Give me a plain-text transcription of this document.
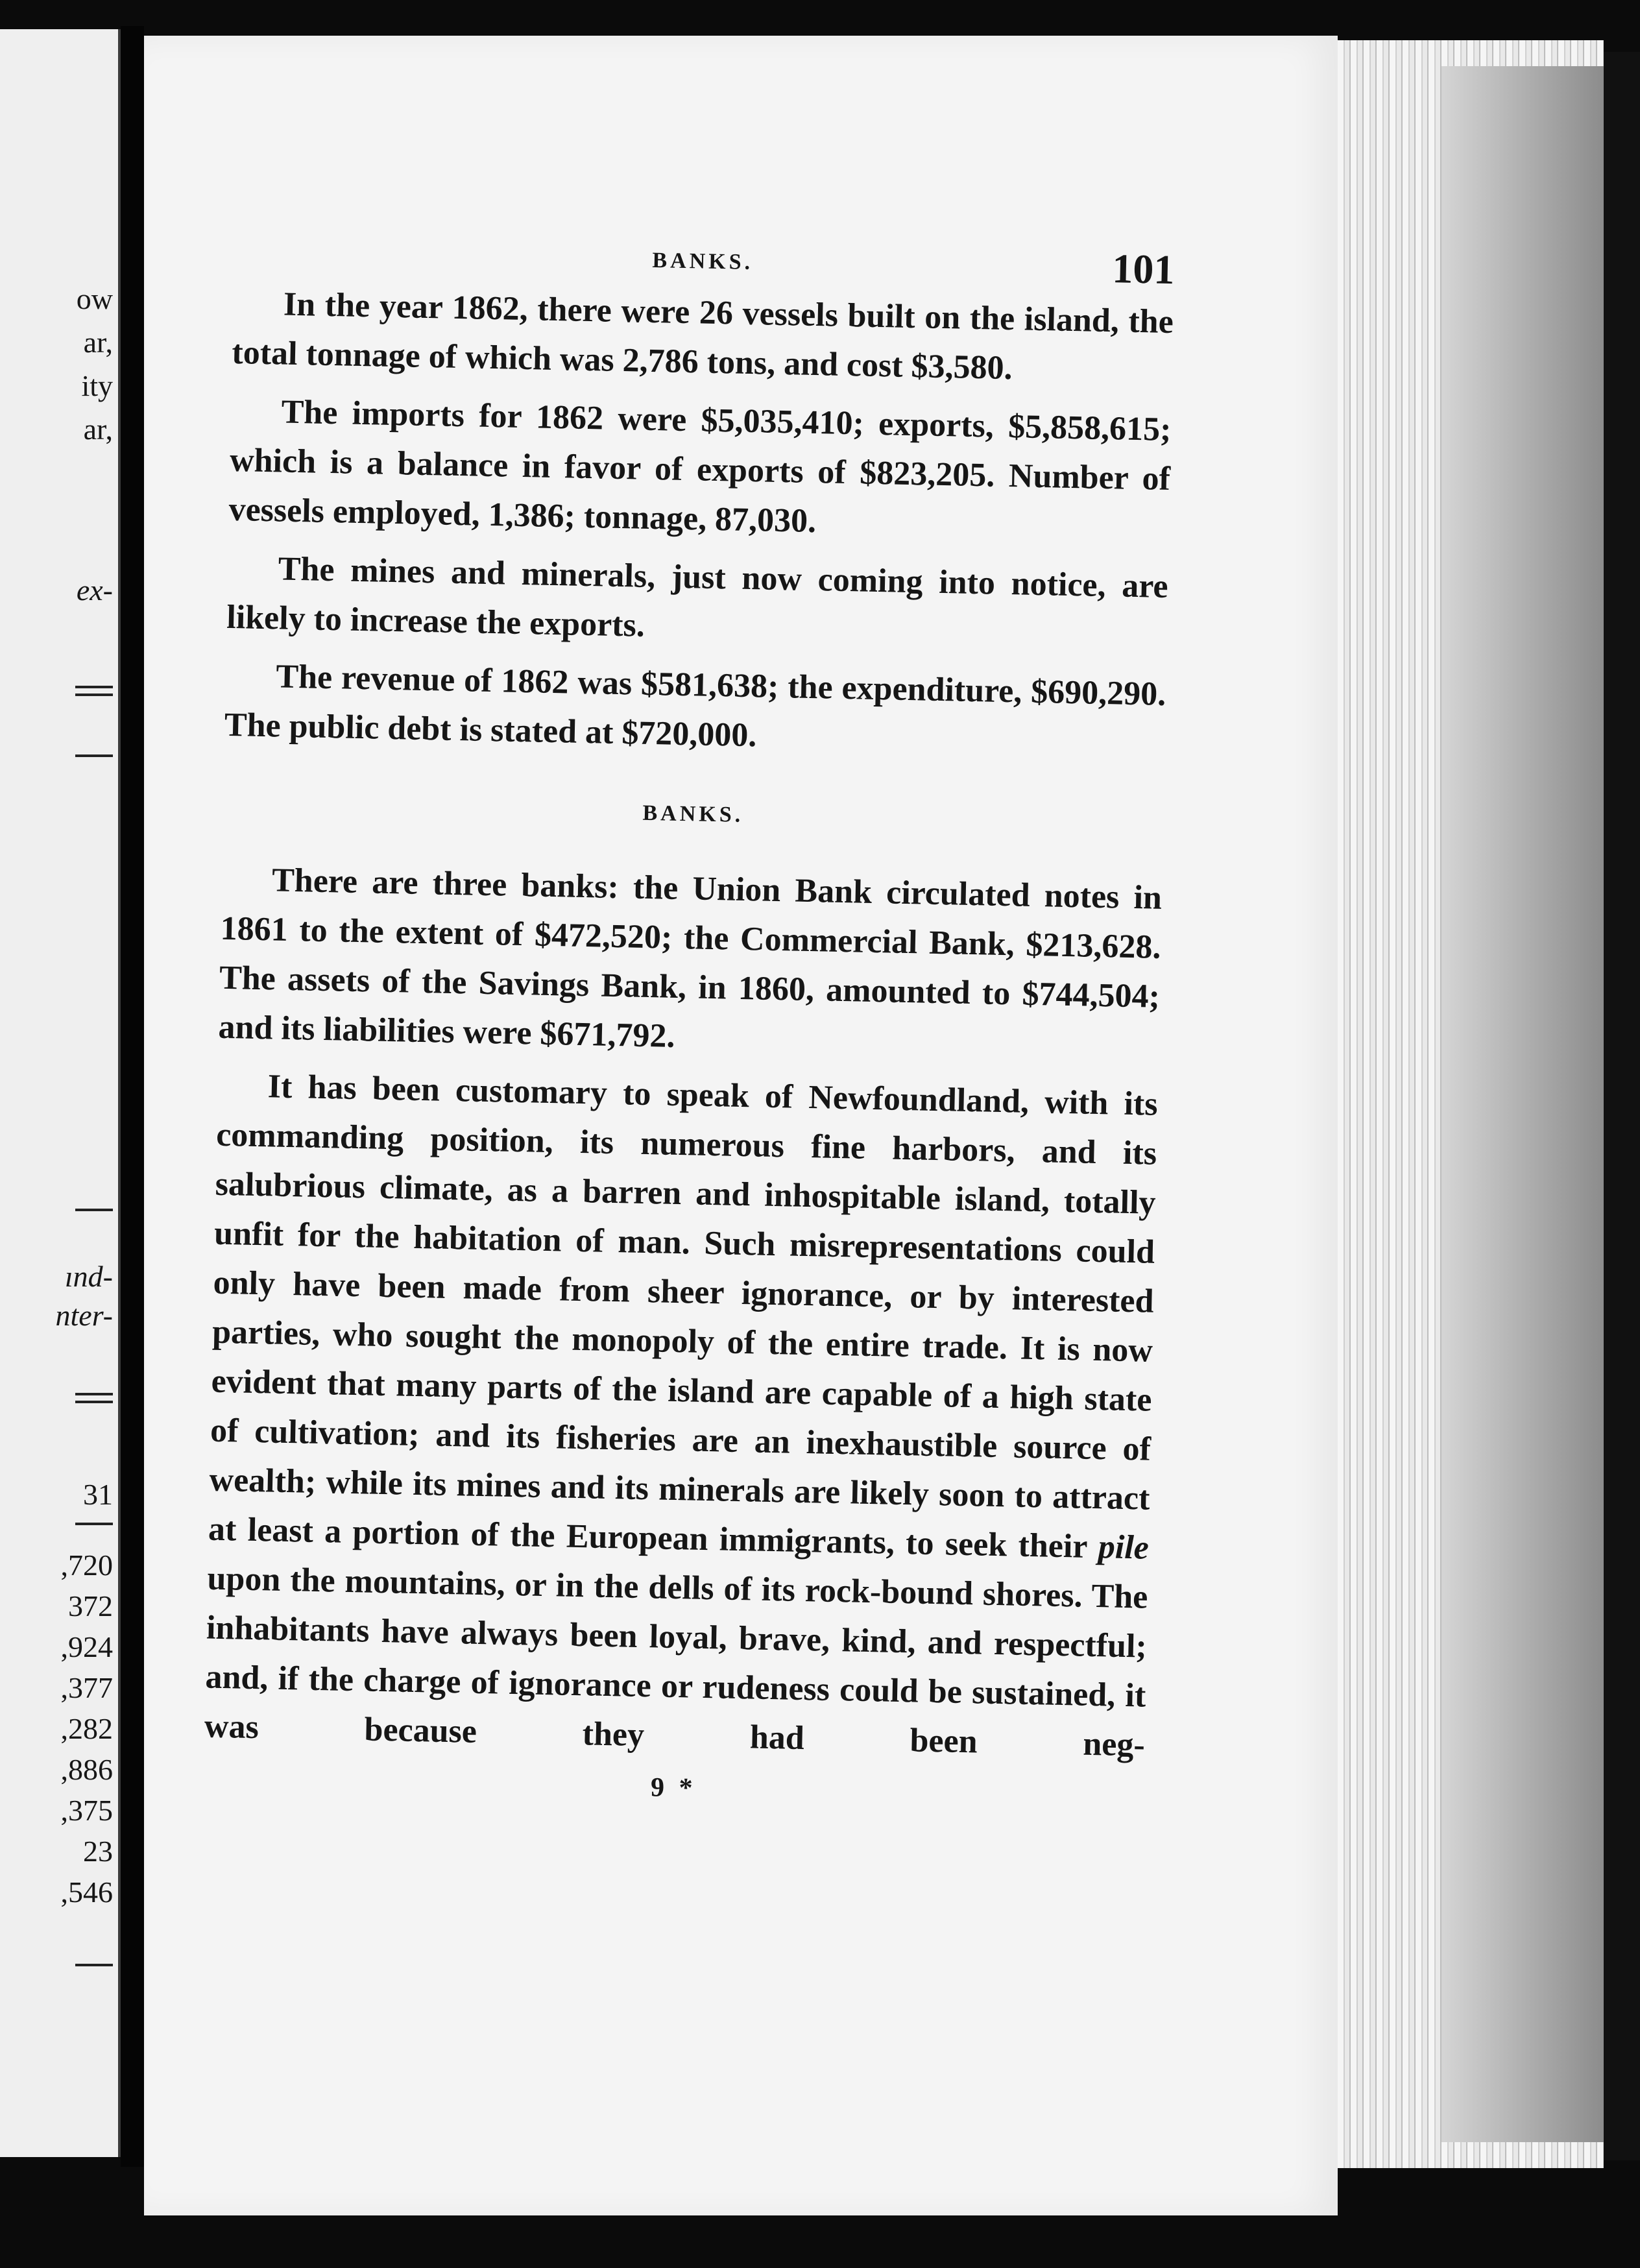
ow
ar,
ity
ar,
ex-
ınd-
nter-
31
,720
372
,924
,377
,282
,886
,375
23
,546
BANKS.	101

In the year 1862, there were 26 vessels built on the island, the total tonnage of which was 2,786 tons, and cost $3,580.

The imports for 1862 were $5,035,410; exports, $5,858,615; which is a balance in favor of exports of $823,205. Number of vessels employed, 1,386; tonnage, 87,030.

The mines and minerals, just now coming into notice, are likely to increase the exports.

The revenue of 1862 was $581,638; the expenditure, $690,290. The public debt is stated at $720,000.

BANKS.

There are three banks: the Union Bank circulated notes in 1861 to the extent of $472,520; the Commercial Bank, $213,628. The assets of the Savings Bank, in 1860, amounted to $744,504; and its liabilities were $671,792.

It has been customary to speak of Newfoundland, with its commanding position, its numerous fine harbors, and its salubrious climate, as a barren and inhospitable island, totally unfit for the habitation of man. Such misrepresentations could only have been made from sheer ignorance, or by interested parties, who sought the monopoly of the entire trade. It is now evident that many parts of the island are capable of a high state of cultivation; and its fisheries are an inexhaustible source of wealth; while its mines and its minerals are likely soon to attract at least a portion of the European immigrants, to seek their pile upon the mountains, or in the dells of its rock-bound shores. The inhabitants have always been loyal, brave, kind, and respectful; and, if the charge of ignorance or rudeness could be sustained, it was because they had been neg-

9 *
